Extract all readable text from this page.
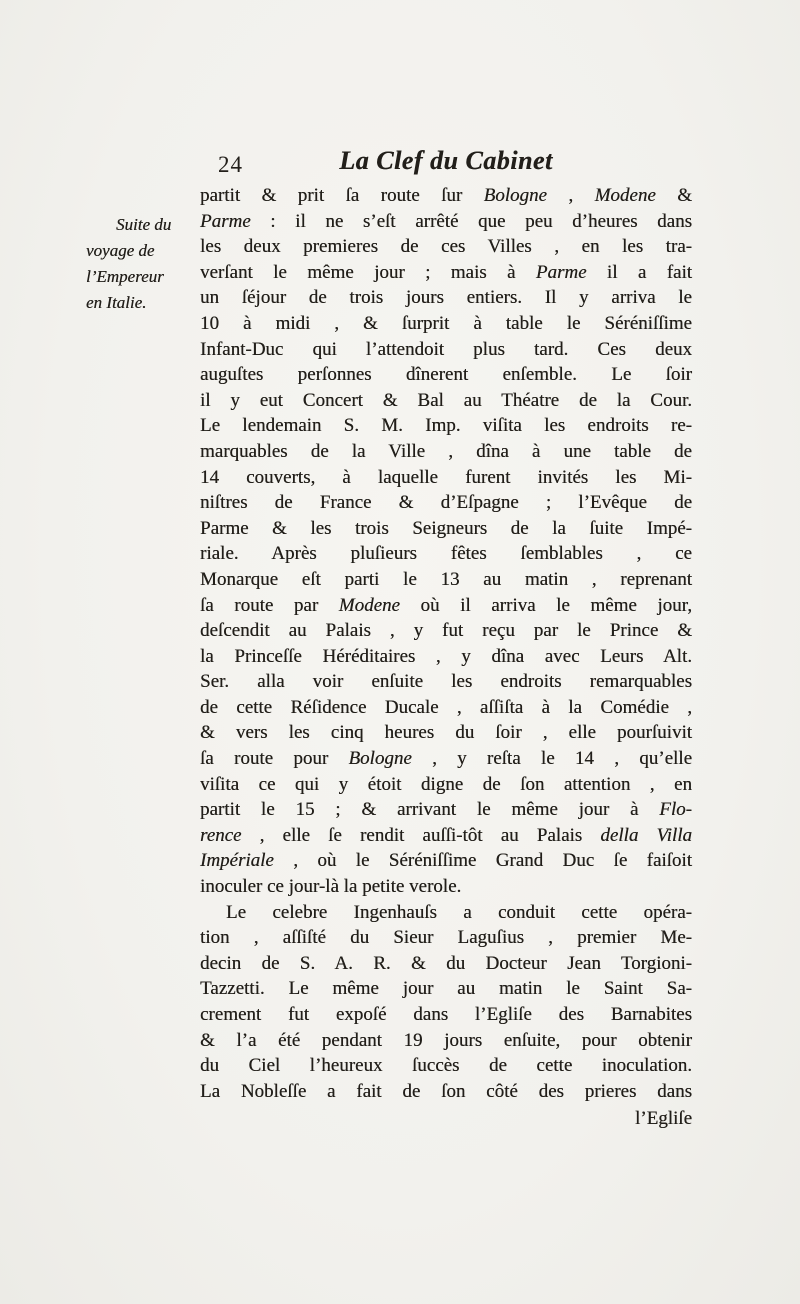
24	La Clef du Cabinet
Suite du
voyage de
l’Empereur
en Italie.
partit & prit ſa route ſur Bologne , Modene &
Parme : il ne s’eſt arrêté que peu d’heures dans
les deux premieres de ces Villes , en les tra-
verſant le même jour ; mais à Parme il a fait
un ſéjour de trois jours entiers. Il y arriva le
10 à midi , & ſurprit à table le Séréniſſime
Infant-Duc qui l’attendoit plus tard. Ces deux
auguſtes perſonnes dînerent enſemble. Le ſoir
il y eut Concert & Bal au Théatre de la Cour.
Le lendemain S. M. Imp. viſita les endroits re-
marquables de la Ville , dîna à une table de
14 couverts, à laquelle furent invités les Mi-
niſtres de France & d’Eſpagne ; l’Evêque de
Parme & les trois Seigneurs de la ſuite Impé-
riale. Après pluſieurs fêtes ſemblables , ce
Monarque eſt parti le 13 au matin , reprenant
ſa route par Modene où il arriva le même jour,
deſcendit au Palais , y fut reçu par le Prince &
la Princeſſe Héréditaires , y dîna avec Leurs Alt.
Ser. alla voir enſuite les endroits remarquables
de cette Réſidence Ducale , aſſiſta à la Comédie ,
& vers les cinq heures du ſoir , elle pourſuivit
ſa route pour Bologne , y reſta le 14 , qu’elle
viſita ce qui y étoit digne de ſon attention , en
partit le 15 ; & arrivant le même jour à Flo-
rence , elle ſe rendit auſſi-tôt au Palais della Villa
Impériale , où le Séréniſſime Grand Duc ſe faiſoit
inoculer ce jour-là la petite verole.
Le celebre Ingenhauſs a conduit cette opéra-
tion , aſſiſté du Sieur Laguſius , premier Me-
decin de S. A. R. & du Docteur Jean Torgioni-
Tazzetti. Le même jour au matin le Saint Sa-
crement fut expoſé dans l’Egliſe des Barnabites
& l’a été pendant 19 jours enſuite, pour obtenir
du Ciel l’heureux ſuccès de cette inoculation.
La Nobleſſe a fait de ſon côté des prieres dans
l’Egliſe
